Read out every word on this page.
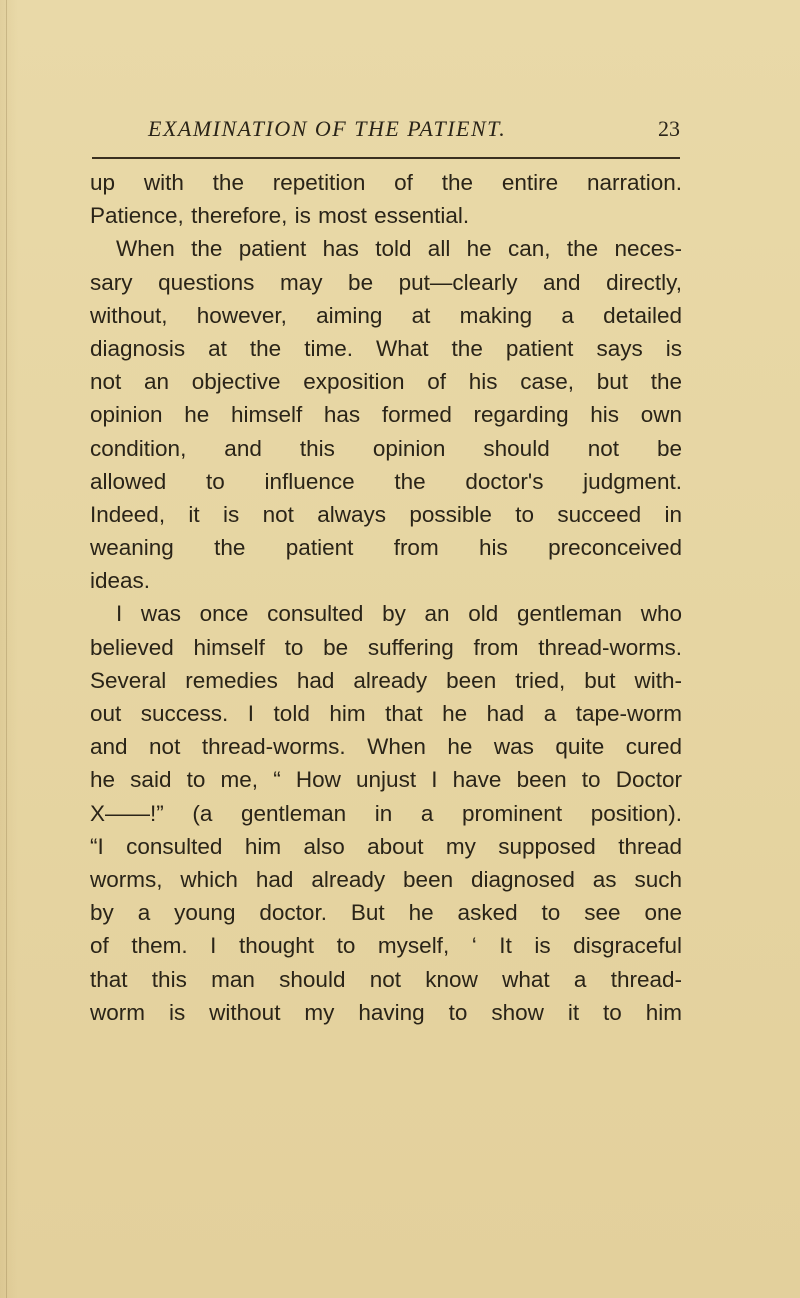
EXAMINATION OF THE PATIENT.	23
up with the repetition of the entire narration.
Patience, therefore, is most essential.
When the patient has told all he can, the neces-
sary questions may be put—clearly and directly,
without, however, aiming at making a detailed
diagnosis at the time. What the patient says is
not an objective exposition of his case, but the
opinion he himself has formed regarding his own
condition, and this opinion should not be
allowed to influence the doctor's judgment.
Indeed, it is not always possible to succeed in
weaning the patient from his preconceived
ideas.
I was once consulted by an old gentleman who
believed himself to be suffering from thread-worms.
Several remedies had already been tried, but with-
out success. I told him that he had a tape-worm
and not thread-worms. When he was quite cured
he said to me, “ How unjust I have been to Doctor
X——!” (a gentleman in a prominent position).
“I consulted him also about my supposed thread
worms, which had already been diagnosed as such
by a young doctor. But he asked to see one
of them. I thought to myself, ‘ It is disgraceful
that this man should not know what a thread-
worm is without my having to show it to him
